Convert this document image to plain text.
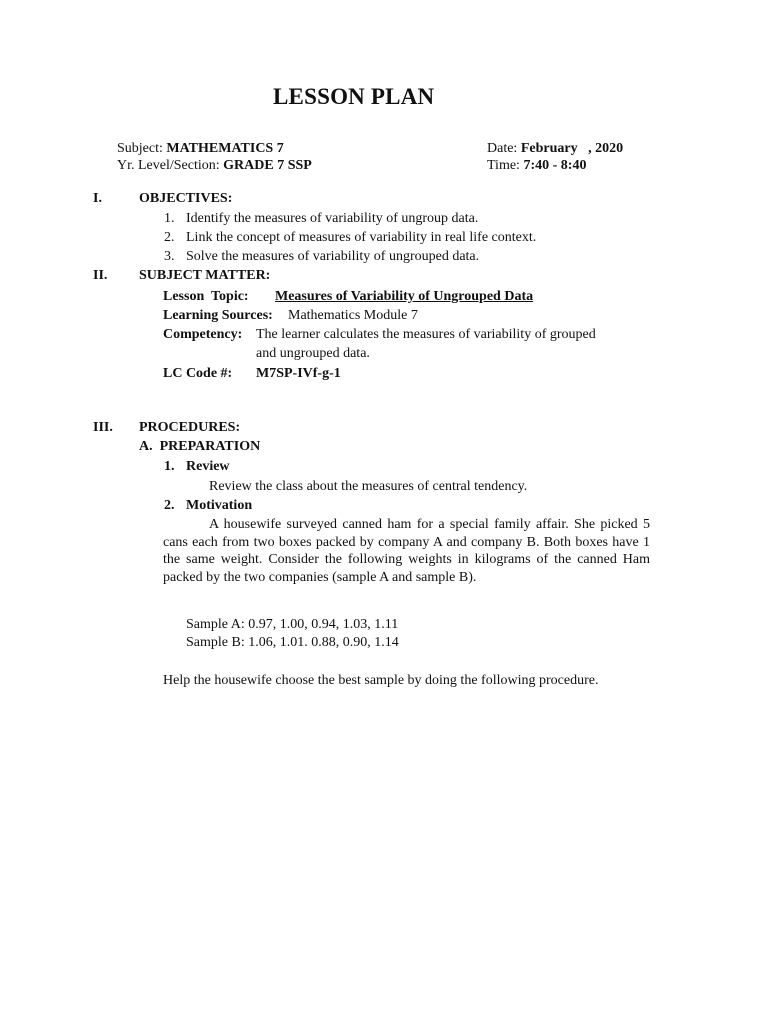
LESSON PLAN
Subject: MATHEMATICS 7
Yr. Level/Section: GRADE 7 SSP
Date: February   , 2020
Time: 7:40 - 8:40
I.	OBJECTIVES:
1. Identify the measures of variability of ungroup data.
2. Link the concept of measures of variability in real life context.
3. Solve the measures of variability of ungrouped data.
II. SUBJECT MATTER:
Lesson  Topic: Measures of Variability of Ungrouped Data
Learning Sources: Mathematics Module 7
Competency: The learner calculates the measures of variability of grouped
and ungrouped data.
LC Code #: M7SP-IVf-g-1
III. PROCEDURES:
A.  PREPARATION
1. Review
Review the class about the measures of central tendency.
2. Motivation
A housewife surveyed canned ham for a special family affair. She picked 5 cans each from two boxes packed by company A and company B. Both boxes have 1 the same weight. Consider the following weights in kilograms of the canned Ham packed by the two companies (sample A and sample B).
Sample A: 0.97, 1.00, 0.94, 1.03, 1.11
Sample B: 1.06, 1.01. 0.88, 0.90, 1.14
Help the housewife choose the best sample by doing the following procedure.
